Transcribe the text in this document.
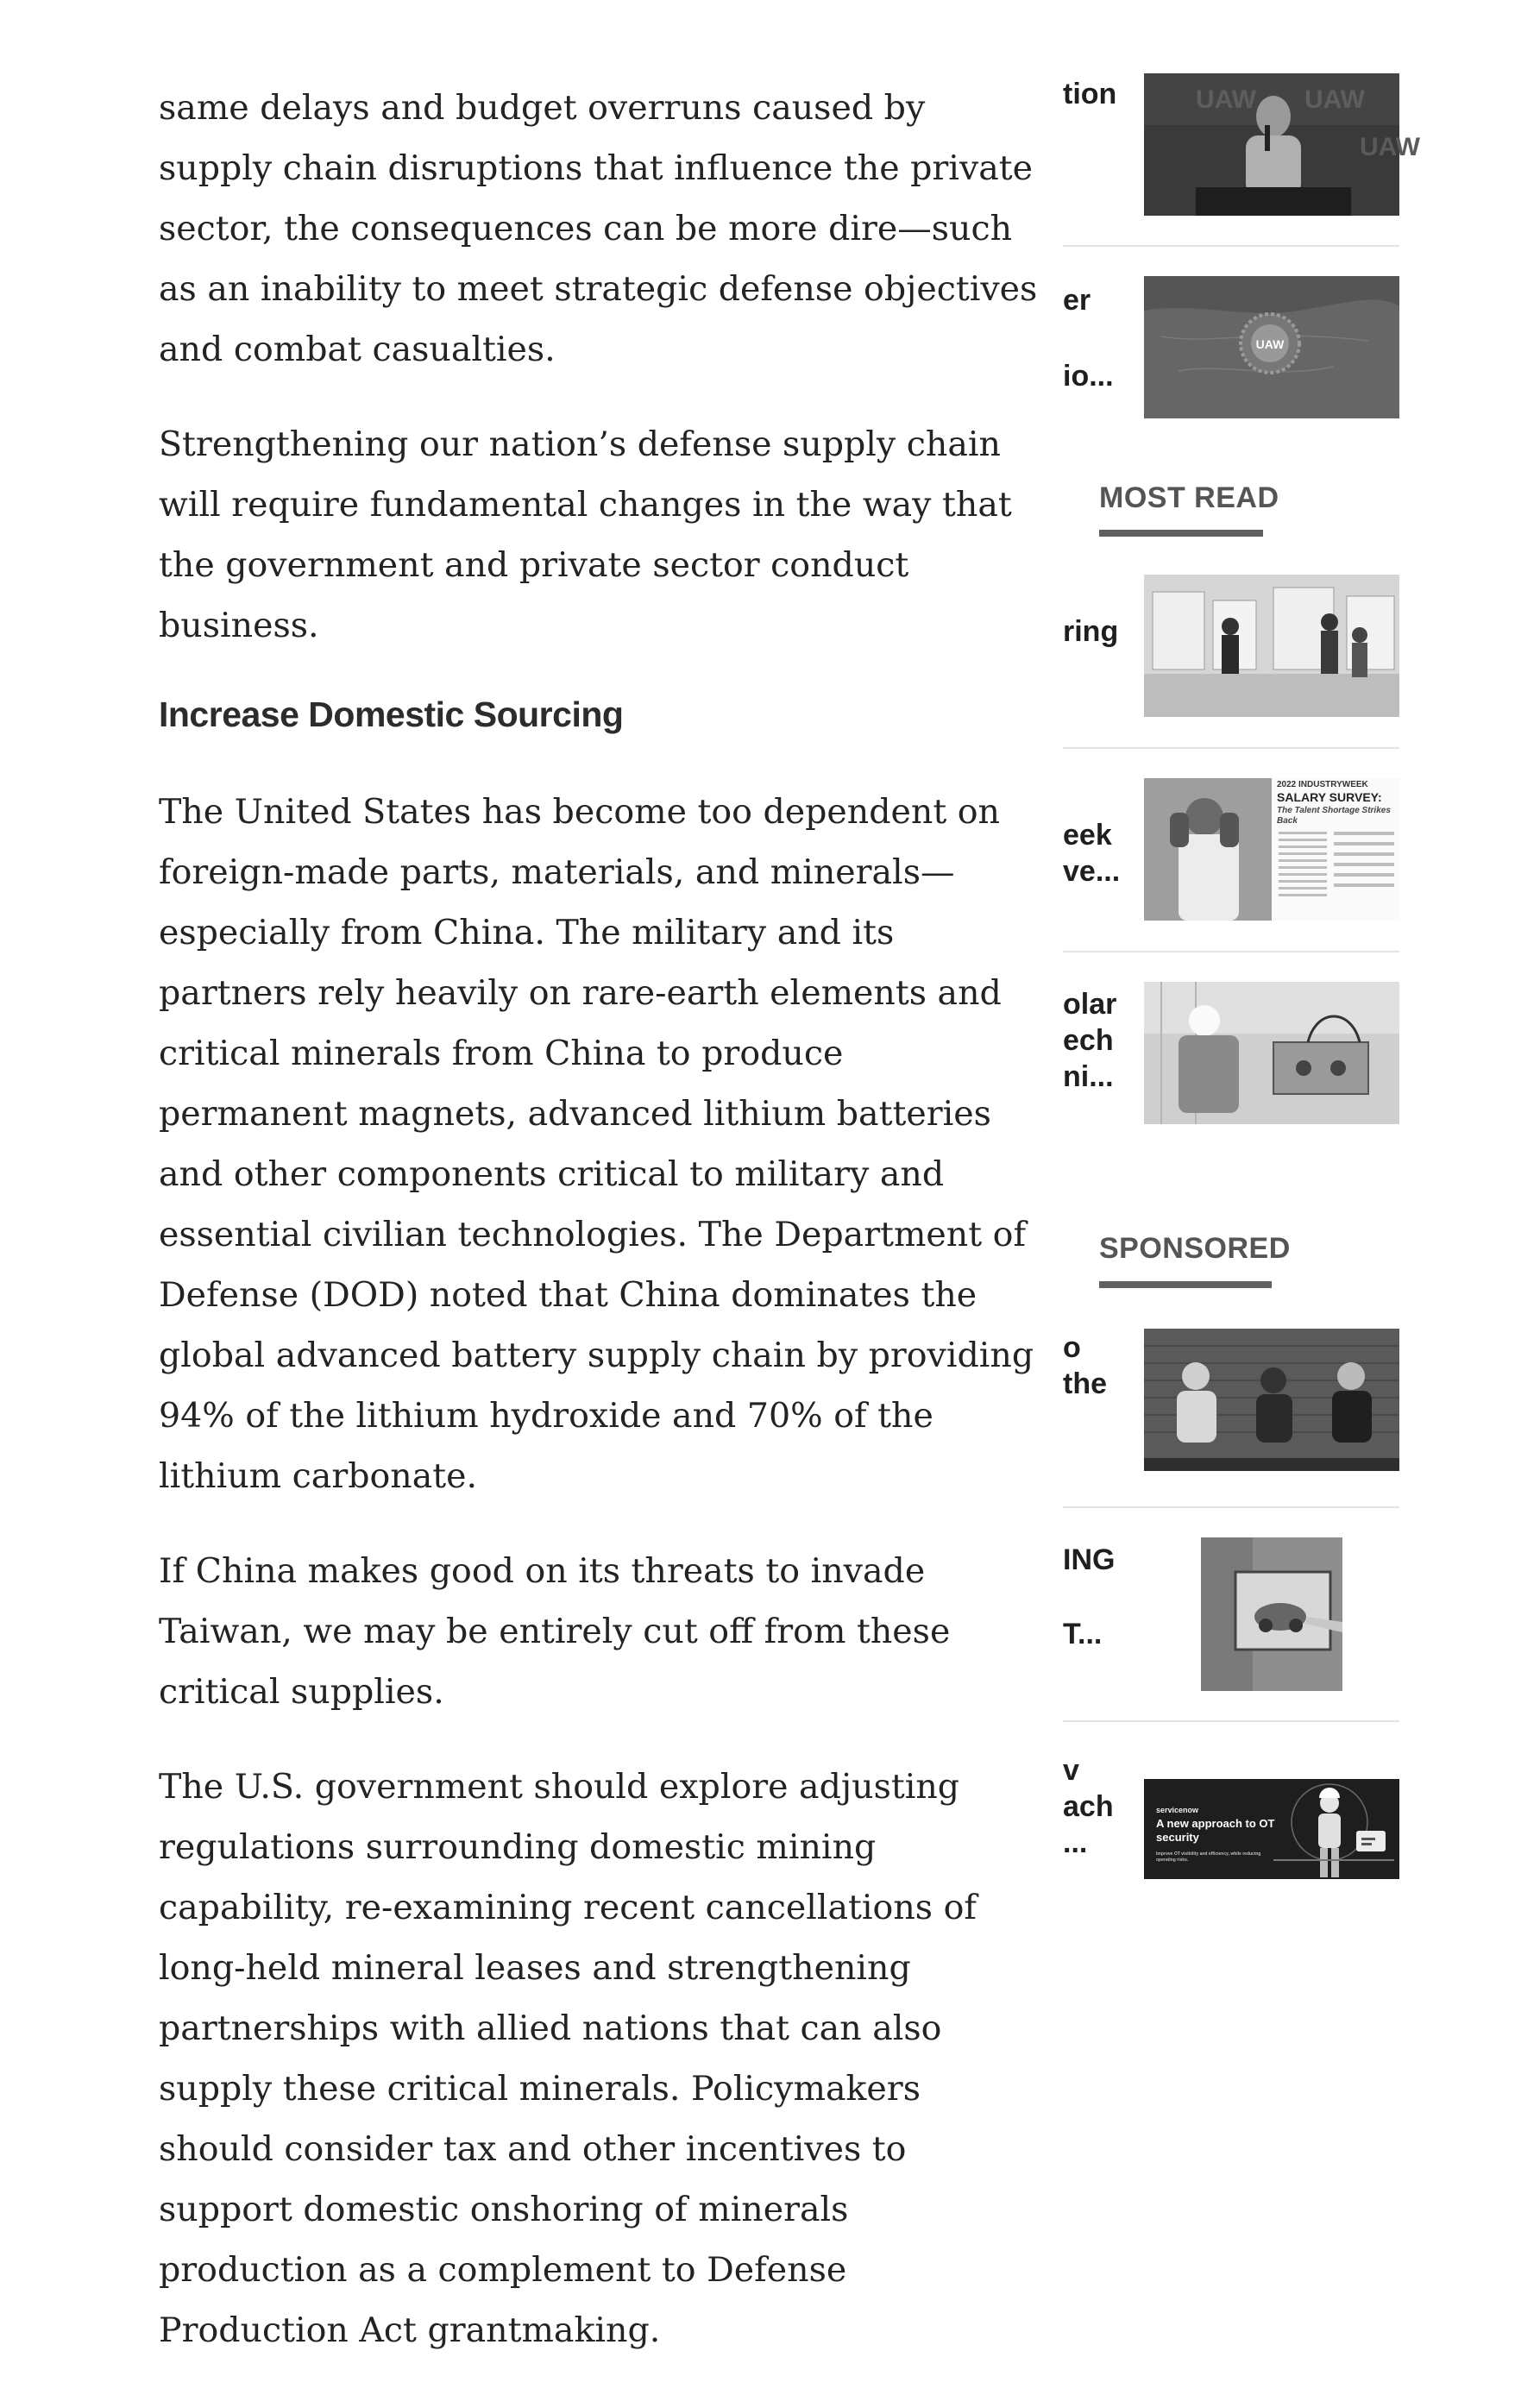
same delays and budget overruns caused by supply chain disruptions that influence the private sector, the consequences can be more dire—such as an inability to meet strategic defense objectives and combat casualties.

Strengthening our nation’s defense supply chain will require fundamental changes in the way that the government and private sector conduct business.

Increase Domestic Sourcing

The United States has become too dependent on foreign-made parts, materials, and minerals—especially from China. The military and its partners rely heavily on rare-earth elements and critical minerals from China to produce permanent magnets, advanced lithium batteries and other components critical to military and essential civilian technologies. The Department of Defense (DOD) noted that China dominates the global advanced battery supply chain by providing 94% of the lithium hydroxide and 70% of the lithium carbonate.

If China makes good on its threats to invade Taiwan, we may be entirely cut off from these critical supplies.

The U.S. government should explore adjusting regulations surrounding domestic mining capability, re-examining recent cancellations of long-held mineral leases and strengthening partnerships with allied nations that can also supply these critical minerals. Policymakers should consider tax and other incentives to support domestic onshoring of minerals production as a complement to Defense Production Act grantmaking.

tion	UAW UAW
UAW
er
io...
UAW
MOST READ
ring
eek
ve...
2022 INDUSTRYWEEK
SALARY SURVEY:
The Talent Shortage Strikes Back
olar
ech
ni...
SPONSORED
o
the
ING
T...
v
ach
...
servicenow
A new approach to OT security
Improve OT visibility and efficiency, while reducing operating risks.
